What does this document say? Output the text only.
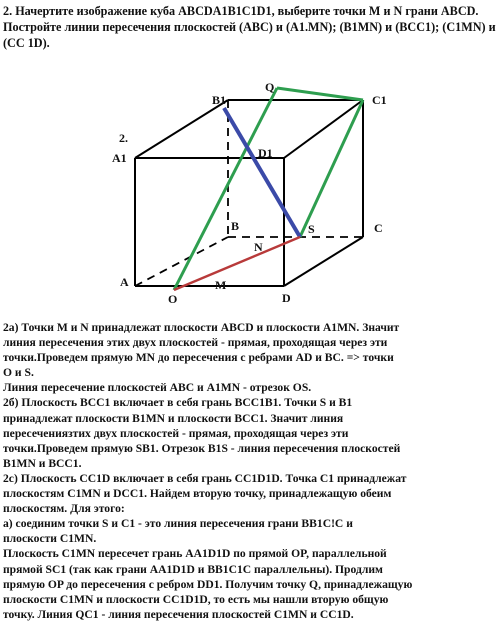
2. Начертите изображение куба ABCDA1B1C1D1, выберите точки М и N грани ABCD. Постройте линии пересечения плоскостей (ABC) и (A1.MN); (B1MN) и (BCC1); (C1MN) и (CC 1D).

2.
A1
B1	C1
D1
Q
B	C
A
D
O
M
N
S

2а) Точки M и N принадлежат плоскости ABCD и плоскости A1MN. Значит
линия пересечения этих двух плоскостей - прямая, проходящая через эти
точки.Проведем прямую MN до пересечения с ребрами AD и BC. => точки
O и S.

Линия пересечение плоскостей ABC и A1MN - отрезок OS.

2б) Плоскость BCC1 включает в себя грань BCC1B1. Точки S и B1
принадлежат плоскости B1MN и плоскости BCC1. Значит линия
пересечениязтих двух плоскостей - прямая, проходящая через эти
точки.Проведем прямую SB1. Отрезок B1S - линия пересечения плоскостей
B1MN и BCC1.

2с) Плоскость CC1D включает в себя грань CC1D1D. Точка C1 принадлежат
плоскостям C1MN и DCC1. Найдем вторую точку, принадлежащую обеим
плоскостям. Для этого:

а) соединим точки S и C1 - это линия пересечения грани BB1C!C и
плоскости C1MN.

Плоскость C1MN пересечет грань AA1D1D по прямой OP, параллельной
прямой SC1 (так как грани AA1D1D и BB1C1C параллельны). Продлим
прямую OP до пересечения с ребром DD1. Получим точку Q, принадлежащую
плоскости C1MN и плоскости CC1D1D, то есть мы нашли вторую общую
точку. Линия QC1 - линия пересечения плоскостей C1MN и CC1D.
